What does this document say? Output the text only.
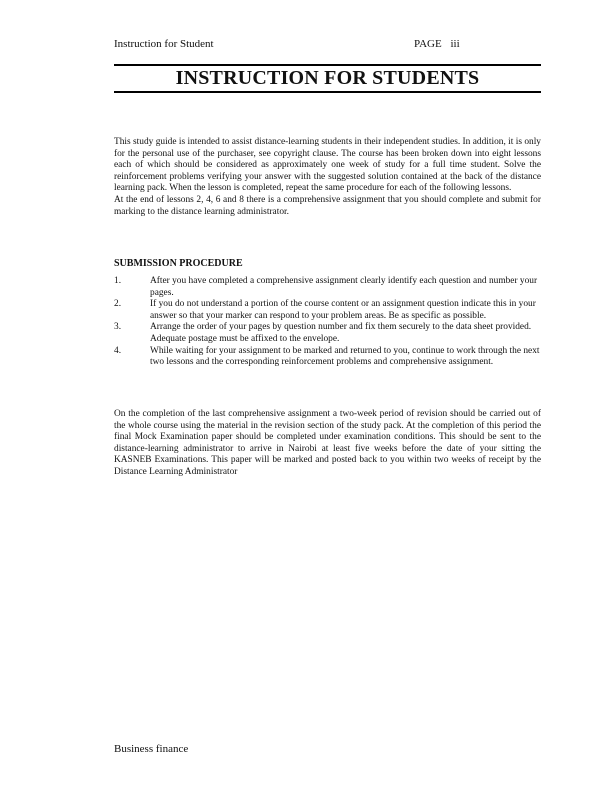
Instruction for Student	PAGE iii
INSTRUCTION FOR STUDENTS

This study guide is intended to assist distance-learning students in their independent studies. In addition, it is only for the personal use of the purchaser, see copyright clause. The course has been broken down into eight lessons each of which should be considered as approximately one week of study for a full time student. Solve the reinforcement problems verifying your answer with the suggested solution contained at the back of the distance learning pack. When the lesson is completed, repeat the same procedure for each of the following lessons.

At the end of lessons 2, 4, 6 and 8 there is a comprehensive assignment that you should complete and submit for marking to the distance learning administrator.

SUBMISSION PROCEDURE
1.	After you have completed a comprehensive assignment clearly identify each question and number your pages.
2.	If you do not understand a portion of the course content or an assignment question indicate this in your answer so that your marker can respond to your problem areas. Be as specific as possible.
3.	Arrange the order of your pages by question number and fix them securely to the data sheet provided. Adequate postage must be affixed to the envelope.
4.	While waiting for your assignment to be marked and returned to you, continue to work through the next two lessons and the corresponding reinforcement problems and comprehensive assignment.
On the completion of the last comprehensive assignment a two-week period of revision should be carried out of the whole course using the material in the revision section of the study pack. At the completion of this period the final Mock Examination paper should be completed under examination conditions. This should be sent to the distance-learning administrator to arrive in Nairobi at least five weeks before the date of your sitting the KASNEB Examinations. This paper will be marked and posted back to you within two weeks of receipt by the Distance Learning Administrator
Business finance
